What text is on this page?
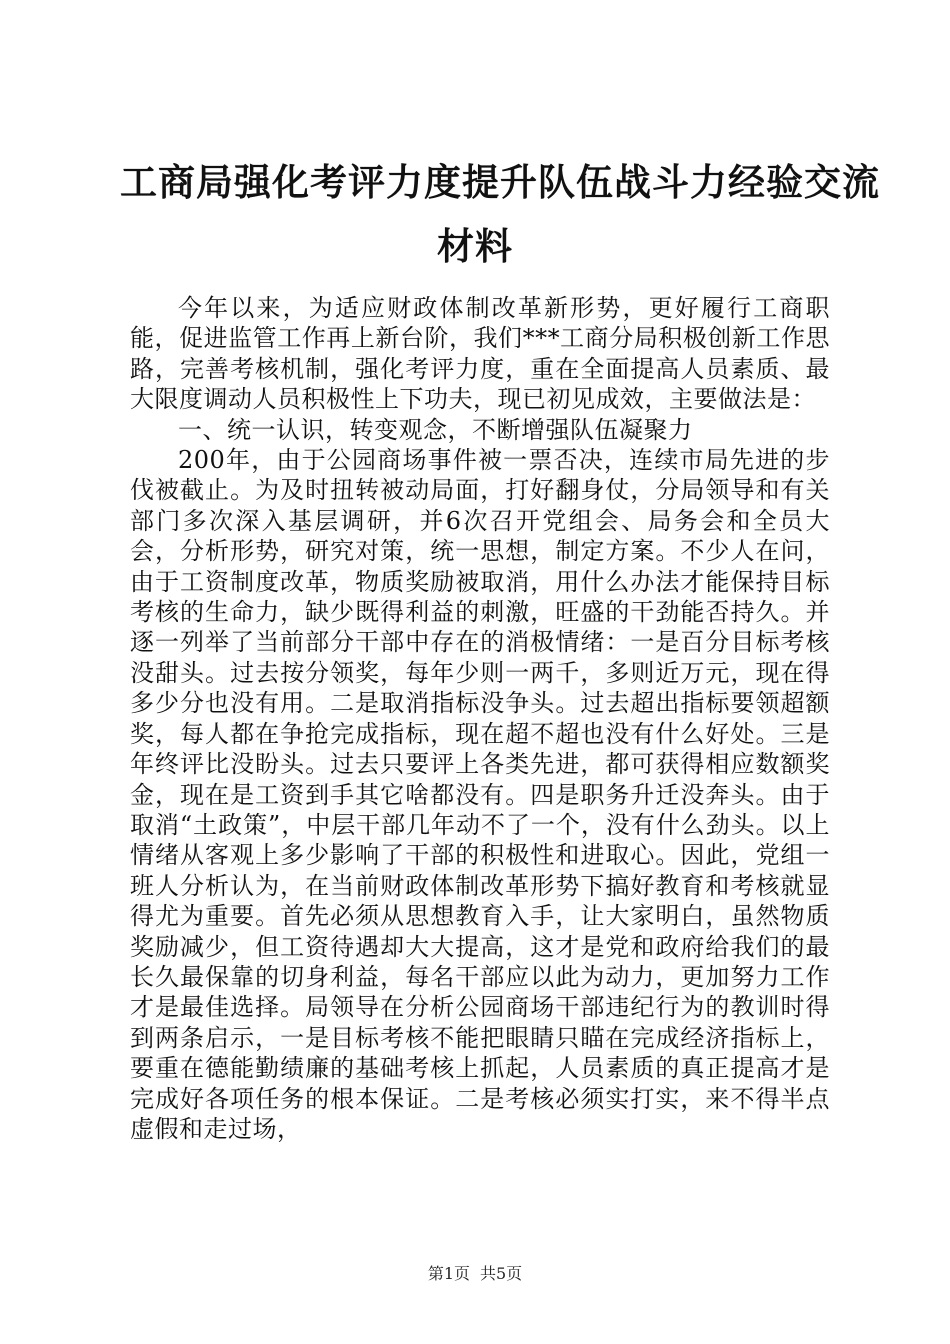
工商局强化考评力度提升队伍战斗力经验交流
材料

今年以来，为适应财政体制改革新形势，更好履行工商职能，促进监管工作再上新台阶，我们***工商分局积极创新工作思路，完善考核机制，强化考评力度，重在全面提高人员素质、最大限度调动人员积极性上下功夫，现已初见成效，主要做法是：

一、统一认识，转变观念，不断增强队伍凝聚力

200年，由于公园商场事件被一票否决，连续市局先进的步伐被截止。为及时扭转被动局面，打好翻身仗，分局领导和有关部门多次深入基层调研，并6次召开党组会、局务会和全员大会，分析形势，研究对策，统一思想，制定方案。不少人在问，由于工资制度改革，物质奖励被取消，用什么办法才能保持目标考核的生命力，缺少既得利益的刺激，旺盛的干劲能否持久。并逐一列举了当前部分干部中存在的消极情绪：一是百分目标考核没甜头。过去按分领奖，每年少则一两千，多则近万元，现在得多少分也没有用。二是取消指标没争头。过去超出指标要领超额奖，每人都在争抢完成指标，现在超不超也没有什么好处。三是年终评比没盼头。过去只要评上各类先进，都可获得相应数额奖金，现在是工资到手其它啥都没有。四是职务升迁没奔头。由于取消“土政策”，中层干部几年动不了一个，没有什么劲头。以上情绪从客观上多少影响了干部的积极性和进取心。因此，党组一班人分析认为，在当前财政体制改革形势下搞好教育和考核就显得尤为重要。首先必须从思想教育入手，让大家明白，虽然物质奖励减少，但工资待遇却大大提高，这才是党和政府给我们的最长久最保靠的切身利益，每名干部应以此为动力，更加努力工作才是最佳选择。局领导在分析公园商场干部违纪行为的教训时得到两条启示，一是目标考核不能把眼睛只瞄在完成经济指标上，要重在德能勤绩廉的基础考核上抓起，人员素质的真正提高才是完成好各项任务的根本保证。二是考核必须实打实，来不得半点虚假和走过场，

第1页 共5页
